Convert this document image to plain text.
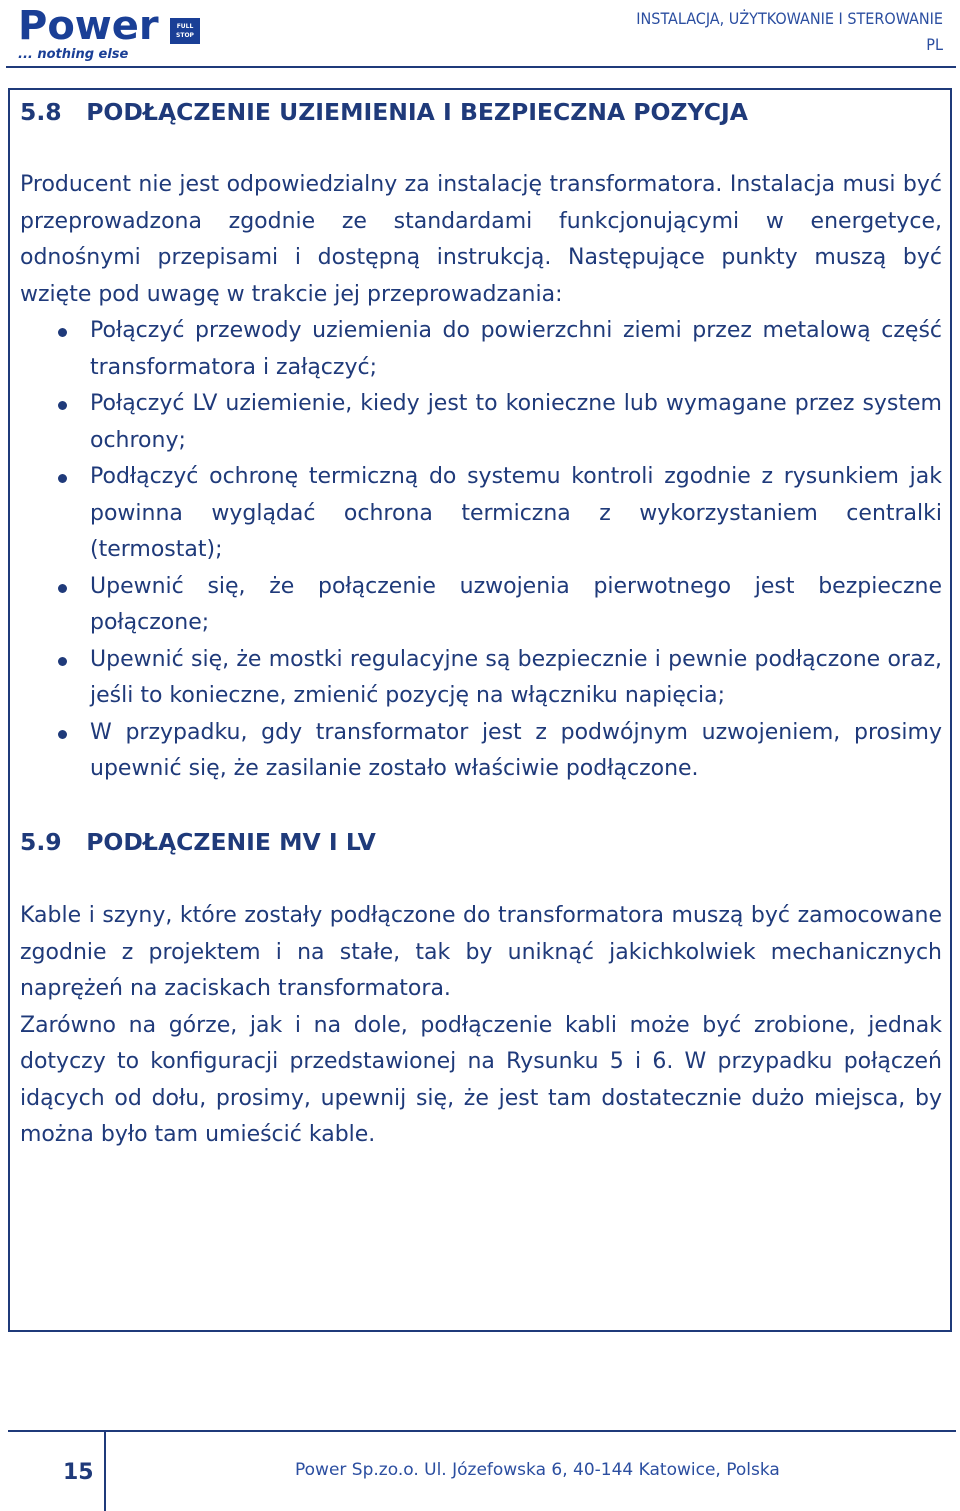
Power	FULL STOP
... nothing else
INSTALACJA, UŻYTKOWANIE I STEROWANIE
PL
5.8 PODŁĄCZENIE UZIEMIENIA I BEZPIECZNA POZYCJA

Producent nie jest odpowiedzialny za instalację transformatora. Instalacja musi być przeprowadzona zgodnie ze standardami funkcjonującymi w energetyce, odnośnymi przepisami i dostępną instrukcją. Następujące punkty muszą być wzięte pod uwagę w trakcie jej przeprowadzania:

Połączyć przewody uziemienia do powierzchni ziemi przez metalową część transformatora i załączyć;
Połączyć LV uziemienie, kiedy jest to konieczne lub wymagane przez system ochrony;
Podłączyć ochronę termiczną do systemu kontroli zgodnie z rysunkiem jak powinna wyglądać ochrona termiczna z wykorzystaniem centralki (termostat);
Upewnić się, że połączenie uzwojenia pierwotnego jest bezpieczne połączone;
Upewnić się, że mostki regulacyjne są bezpiecznie i pewnie podłączone oraz, jeśli to konieczne, zmienić pozycję na włączniku napięcia;
W przypadku, gdy transformator jest z podwójnym uzwojeniem, prosimy upewnić się, że zasilanie zostało właściwie podłączone.
5.9 PODŁĄCZENIE MV I LV

Kable i szyny, które zostały podłączone do transformatora muszą być zamocowane zgodnie z projektem i na stałe, tak by uniknąć jakichkolwiek mechanicznych naprężeń na zaciskach transformatora.

Zarówno na górze, jak i na dole, podłączenie kabli może być zrobione, jednak dotyczy to konfiguracji przedstawionej na Rysunku 5 i 6. W przypadku połączeń idących od dołu, prosimy, upewnij się, że jest tam dostatecznie dużo miejsca, by można było tam umieścić kable.

15	Power Sp.zo.o. Ul. Józefowska 6, 40-144 Katowice, Polska
